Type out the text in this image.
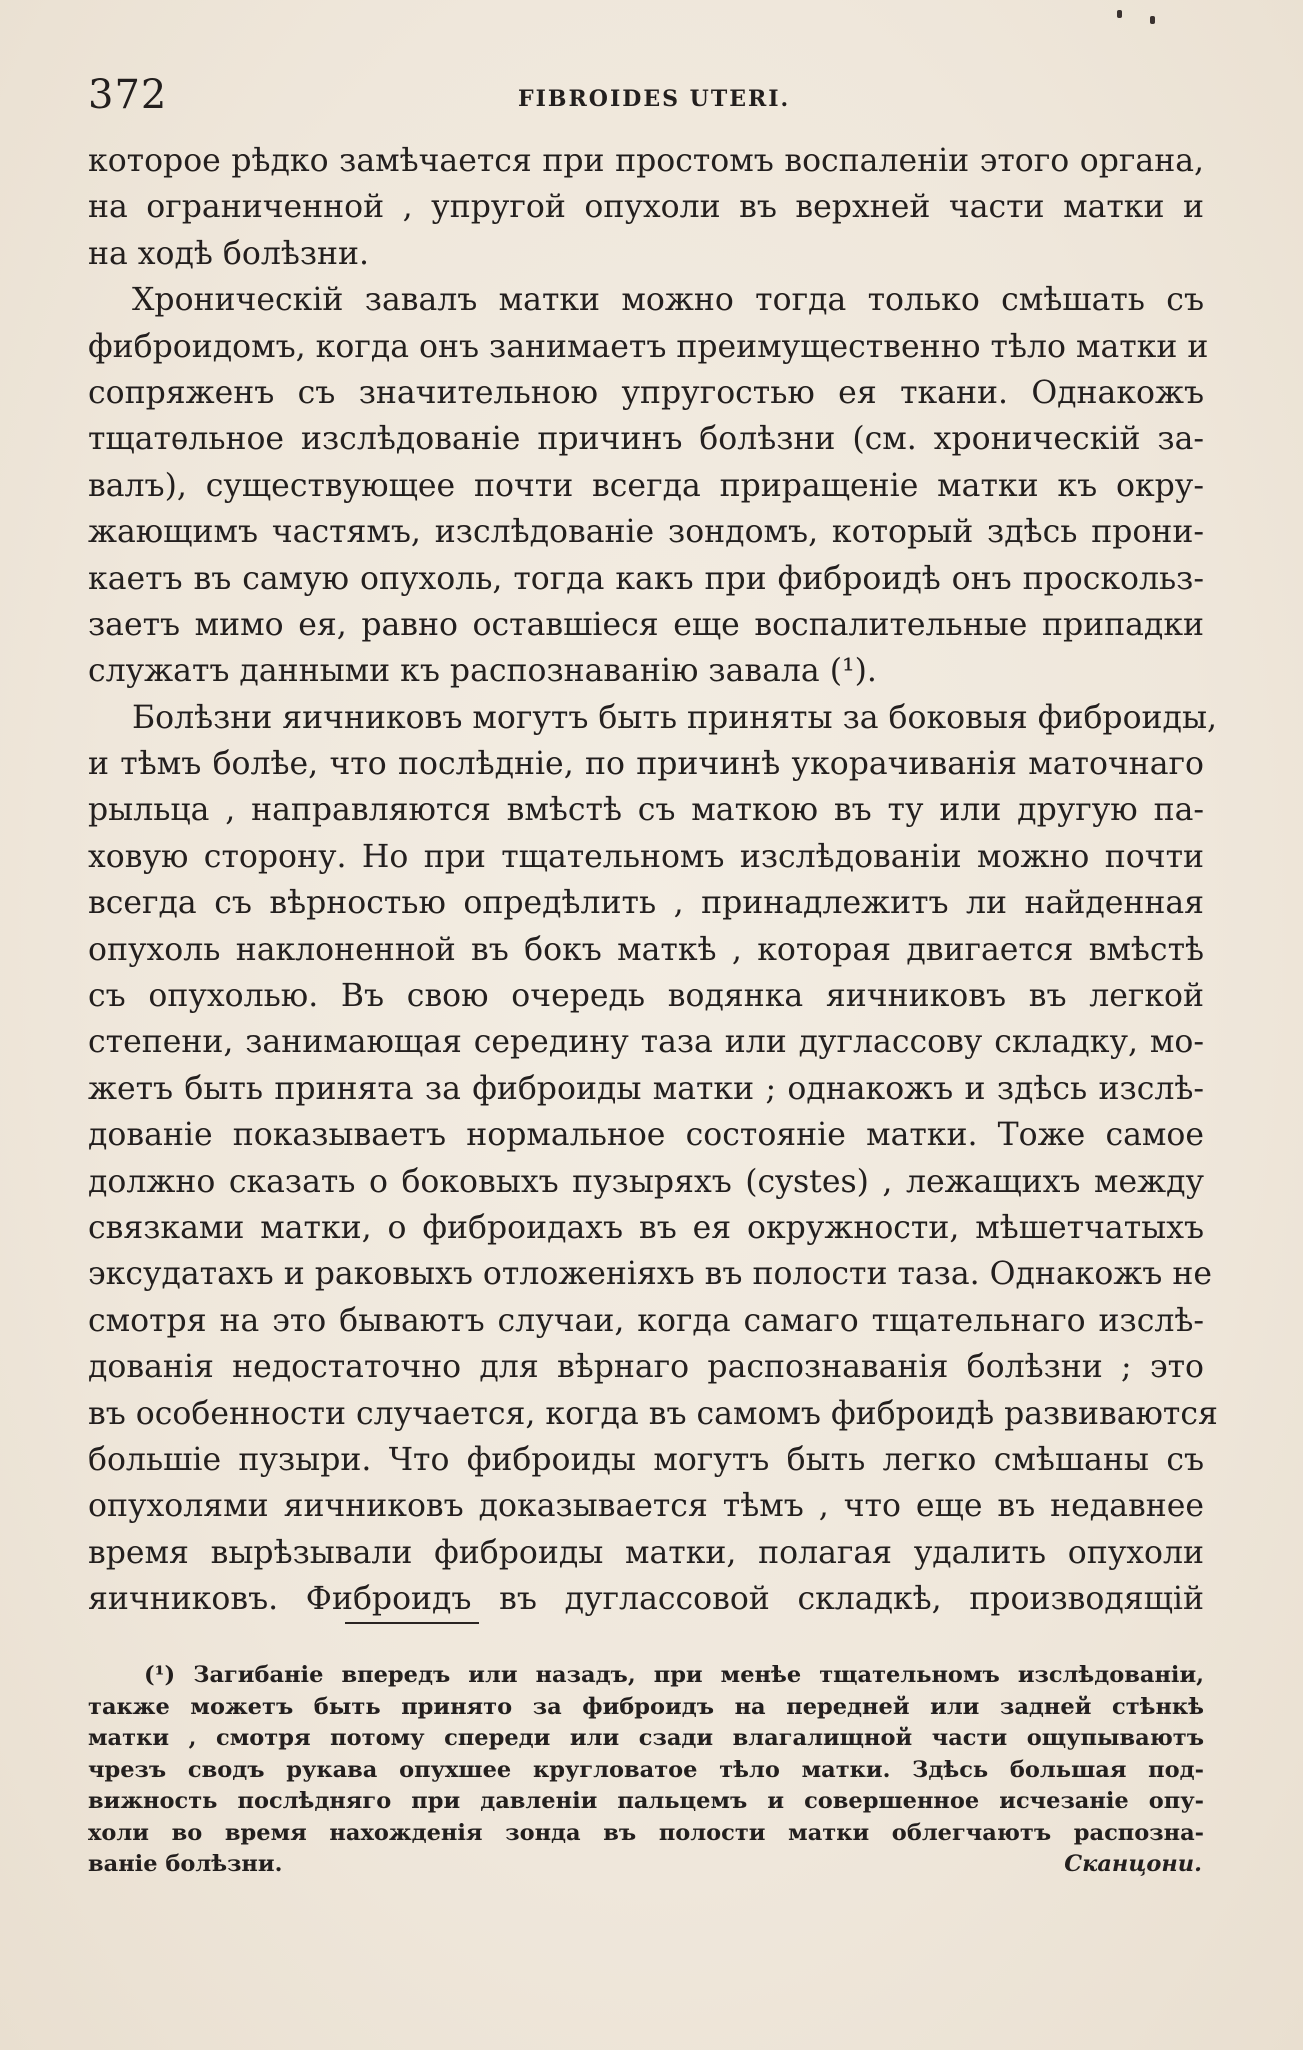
372	FIBROIDES UTERI.
которое рѣдко замѣчается при простомъ воспаленіи этого органа,
на ограниченной , упругой опухоли въ верхней части матки и
на ходѣ болѣзни.
Хроническій завалъ матки можно тогда только смѣшать съ
фиброидомъ, когда онъ занимаетъ преимущественно тѣло матки и
сопряженъ съ значительною упругостью ея ткани. Однакожъ
тщатѳльное изслѣдованіе причинъ болѣзни (см. хроническій за-
валъ), существующее почти всегда приращеніе матки къ окру-
жающимъ частямъ, изслѣдованіе зондомъ, который здѣсь прони-
каетъ въ самую опухоль, тогда какъ при фиброидѣ онъ проскольз-
заетъ мимо ея, равно оставшіеся еще воспалительные припадки
служатъ данными къ распознаванію завала (¹).
Болѣзни яичниковъ могутъ быть приняты за боковыя фиброиды,
и тѣмъ болѣе, что послѣдніе, по причинѣ укорачиванія маточнаго
рыльца , направляются вмѣстѣ съ маткою въ ту или другую па-
ховую сторону. Но при тщательномъ изслѣдованіи можно почти
всегда съ вѣрностью опредѣлить , принадлежитъ ли найденная
опухоль наклоненной въ бокъ маткѣ , которая двигается вмѣстѣ
съ опухолью. Въ свою очередь водянка яичниковъ въ легкой
степени, занимающая середину таза или дугласcову складку, мо-
жетъ быть принята за фиброиды матки ; однакожъ и здѣсь изслѣ-
дованіе показываетъ нормальное состояніе матки. Тоже самое
должно сказать о боковыхъ пузыряхъ (cystes) , лежащихъ между
связками матки, о фиброидахъ въ ея окружности, мѣшетчатыхъ
эксудатахъ и раковыхъ отложеніяхъ въ полости таза. Однакожъ не
смотря на это бываютъ случаи, когда самаго тщательнаго изслѣ-
дованія недостаточно для вѣрнаго распознаванія болѣзни ; это
въ особенности случается, когда въ самомъ фиброидѣ развиваются
большіе пузыри. Что фиброиды могутъ быть легко смѣшаны съ
опухолями яичниковъ доказывается тѣмъ , что еще въ недавнее
время вырѣзывали фиброиды матки, полагая удалить опухоли
яичниковъ. Фиброидъ въ дугласcовой складкѣ, производящій
(¹) Загибаніе впередъ или назадъ, при менѣе тщательномъ изслѣдованіи,
также можетъ быть принято за фиброидъ на передней или задней стѣнкѣ
матки , смотря потому спереди или сзади влагалищной части ощупываютъ
чрезъ сводъ рукава опухшее кругловатое тѣло матки. Здѣсь большая под-
вижность послѣдняго при давленіи пальцемъ и совершенное исчезаніе опу-
холи во время нахожденія зонда въ полости матки облегчаютъ распозна-
ваніе болѣзни.	Сканцони.
